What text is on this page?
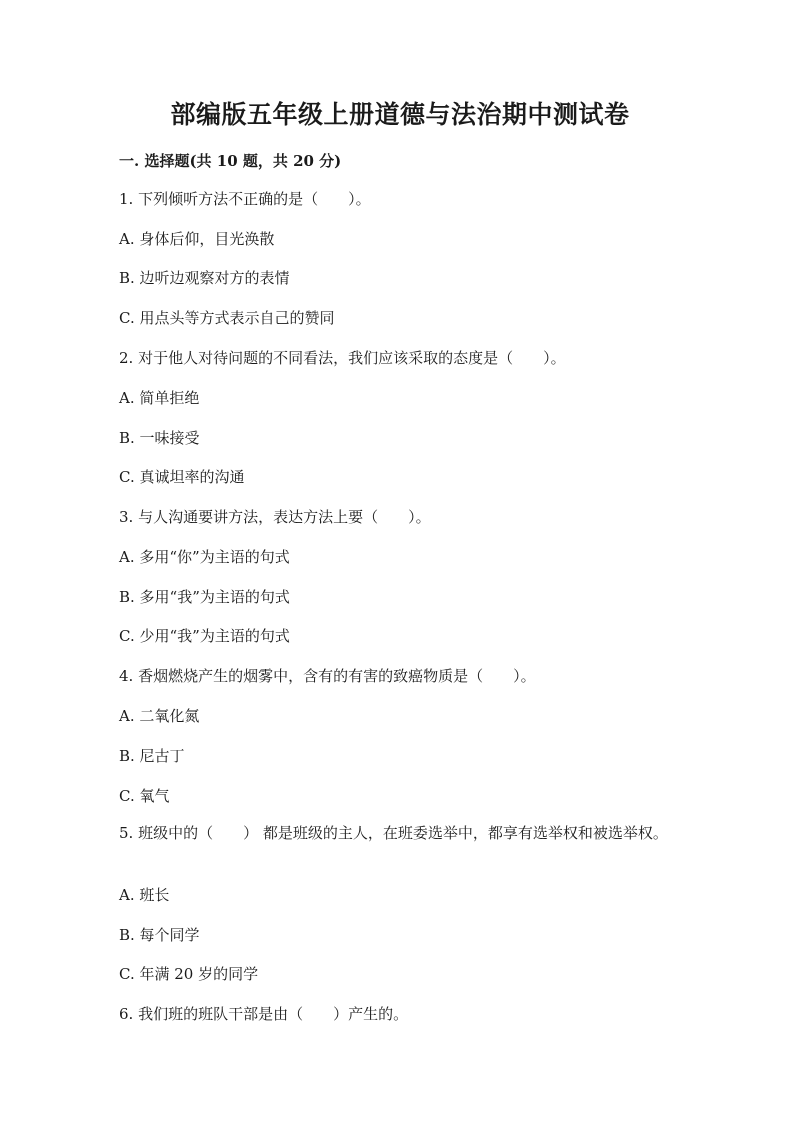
部编版五年级上册道德与法治期中测试卷
一. 选择题(共 10 题，共 20 分)
1. 下列倾听方法不正确的是（　　）。
A. 身体后仰，目光涣散
B. 边听边观察对方的表情
C. 用点头等方式表示自己的赞同
2. 对于他人对待问题的不同看法，我们应该采取的态度是（　　）。
A. 简单拒绝
B. 一味接受
C. 真诚坦率的沟通
3. 与人沟通要讲方法，表达方法上要（　　）。
A. 多用“你”为主语的句式
B. 多用“我”为主语的句式
C. 少用“我”为主语的句式
4. 香烟燃烧产生的烟雾中，含有的有害的致癌物质是（　　）。
A. 二氧化氮
B. 尼古丁
C. 氧气
5. 班级中的（　　） 都是班级的主人，在班委选举中，都享有选举权和被选举权。
A. 班长
B. 每个同学
C. 年满 20 岁的同学
6. 我们班的班队干部是由（　　）产生的。
